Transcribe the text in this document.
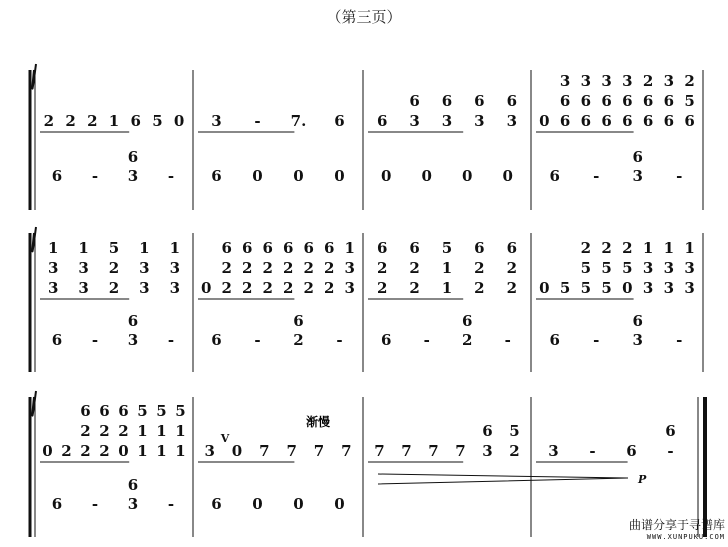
（第三页）
2 2 2 1 6 5 0 3 - 7. 6 6 3 3 3 3
6 6 6 6
0 6 6 6 6 6 6 6
6 6 6 6 6 6 5
3 3 3 3 2 3 2
6 - 3 -
6
6 0 0 0 0 0 0 0 6 - 3 -
6
3 3 2 3 3
3 3 2 3 3
1 1 5 1 1
0 2 2 2 2 2 2 3
2 2 2 2 2 2 3
6 6 6 6 6 6 1
2 2 1 2 2
2 2 1 2 2
6 6 5 6 6
0 5 5 5 0 3 3 3
5 5 5 3 3 3
2 2 2 1 1 1
6 - 3 -
6
6 - 2 -
6
6 - 2 -
6
6 - 3 -
6
0 2 2 2 0 1 1 1
2 2 2 1 1 1
6 6 6 5 5 5
3 0 7 7 7 7 7 7 7 7 3 2
6 5
3 - 6 -
6
6 - 3 -
6
6 0 0 0
V
渐慢
P
曲谱分享于寻谱库
WWW.XUNPUKU.COM
